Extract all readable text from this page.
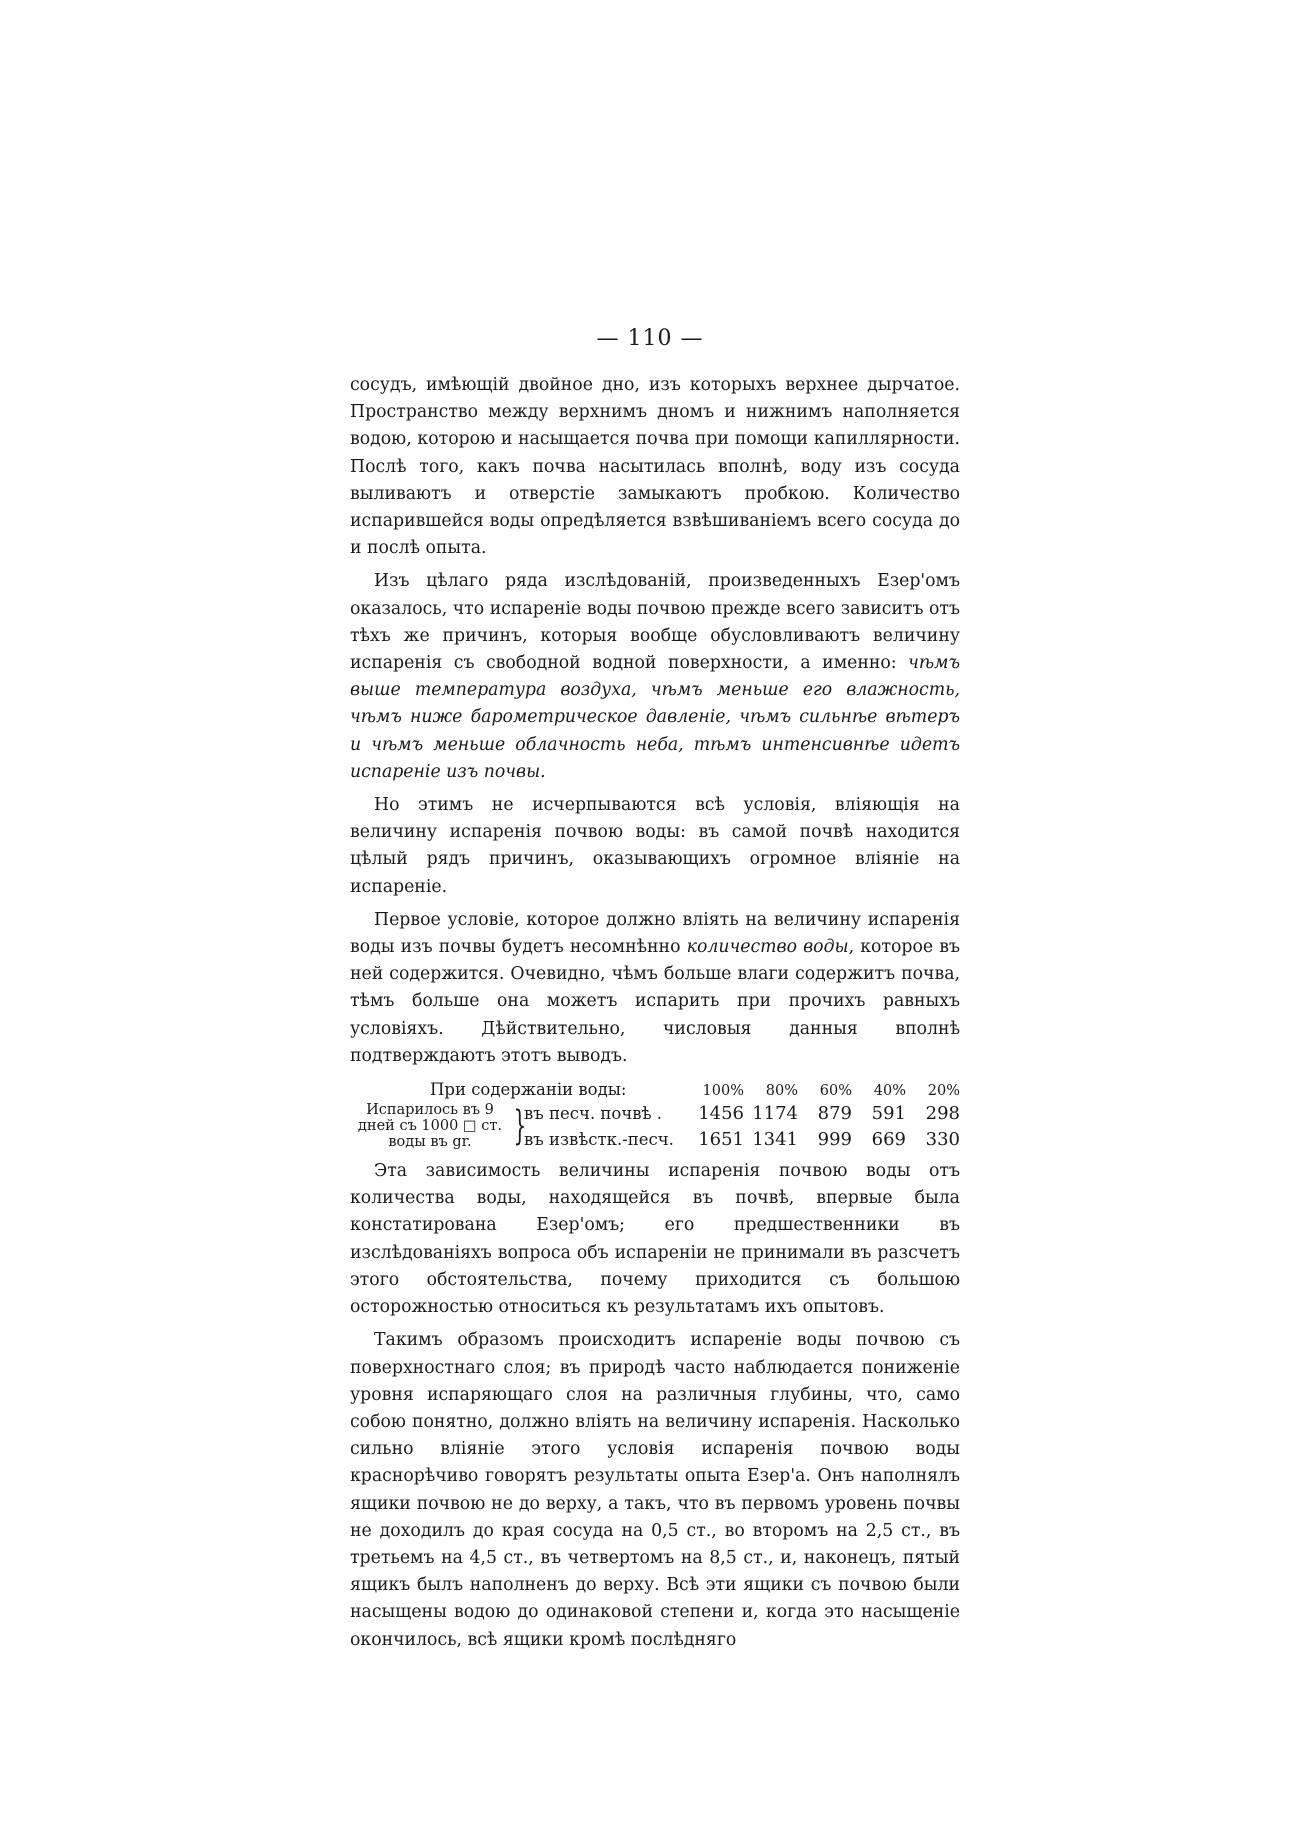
— 110 —

сосудъ, имѣющій двойное дно, изъ которыхъ верхнее дырчатое. Пространство между верхнимъ дномъ и нижнимъ наполняется водою, которою и насыщается почва при помощи капиллярности. Послѣ того, какъ почва насытилась вполнѣ, воду изъ сосуда выливаютъ и отверстіе замыкаютъ пробкою. Количество испарившейся воды опредѣляется взвѣшиваніемъ всего сосуда до и послѣ опыта.

Изъ цѣлаго ряда изслѣдованій, произведенныхъ Езер'омъ оказалось, что испареніе воды почвою прежде всего зависитъ отъ тѣхъ же причинъ, которыя вообще обусловливаютъ величину испаренія съ свободной водной поверхности, а именно: чѣмъ выше температура воздуха, чѣмъ меньше его влажность, чѣмъ ниже барометрическое давленіе, чѣмъ сильнѣе вѣтеръ и чѣмъ меньше облачность неба, тѣмъ интенсивнѣе идетъ испареніе изъ почвы.

Но этимъ не исчерпываются всѣ условія, вліяющія на величину испаренія почвою воды: въ самой почвѣ находится цѣлый рядъ причинъ, оказывающихъ огромное вліяніе на испареніе.

Первое условіе, которое должно вліять на величину испаренія воды изъ почвы будетъ несомнѣнно количество воды, которое въ ней содержится. Очевидно, чѣмъ больше влаги содержитъ почва, тѣмъ больше она можетъ испарить при прочихъ равныхъ условіяхъ. Дѣйствительно, числовыя данныя вполнѣ подтверждаютъ этотъ выводъ.

При содержаніи воды:	100%	80%	60%	40%	20%
Испарилось въ 9
дней съ 1000 □ ст.
воды въ gr.	}
въ песч. почвѣ .	1456 1174	879	591	298
въ извѣстк.-песч.	1651 1341	999	669	330

Эта зависимость величины испаренія почвою воды отъ количества воды, находящейся въ почвѣ, впервые была констатирована Езер'омъ; его предшественники въ изслѣдованіяхъ вопроса объ испареніи не принимали въ разсчетъ этого обстоятельства, почему приходится съ большою осторожностью относиться къ результатамъ ихъ опытовъ.

Такимъ образомъ происходитъ испареніе воды почвою съ поверхностнаго слоя; въ природѣ часто наблюдается пониженіе уровня испаряющаго слоя на различныя глубины, что, само собою понятно, должно вліять на величину испаренія. Насколько сильно вліяніе этого условія испаренія почвою воды краснорѣчиво говорятъ результаты опыта Езер'а. Онъ наполнялъ ящики почвою не до верху, а такъ, что въ первомъ уровень почвы не доходилъ до края сосуда на 0,5 ст., во второмъ на 2,5 ст., въ третьемъ на 4,5 ст., въ четвертомъ на 8,5 ст., и, наконецъ, пятый ящикъ былъ наполненъ до верху. Всѣ эти ящики съ почвою были насыщены водою до одинаковой степени и, когда это насыщеніе окончилось, всѣ ящики кромѣ послѣдняго
